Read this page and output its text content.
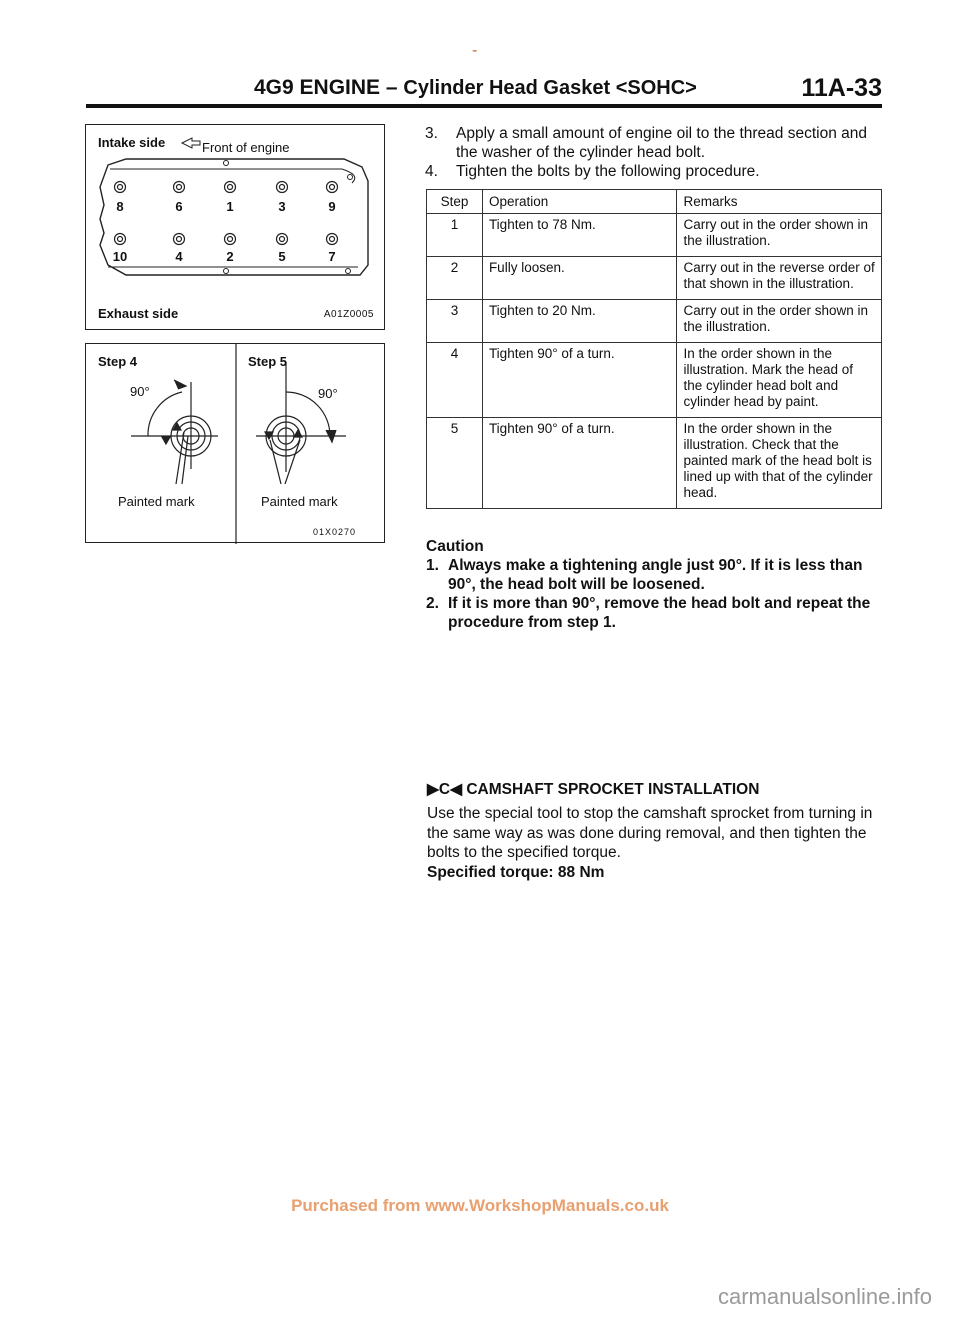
-
4G9 ENGINE – Cylinder Head Gasket <SOHC>	11A-33
Intake side	Front of engine
8	6	1	3	9
10	4	2	5	7
Exhaust side	A01Z0005
Step 4	Step 5
90°	90°
Painted mark	Painted mark
01X0270
3. Apply a small amount of engine oil to the thread section and the washer of the cylinder head bolt.
4. Tighten the bolts by the following procedure.
Step	Operation	Remarks
1	Tighten to 78 Nm.	Carry out in the order shown in the illustration.
2	Fully loosen.	Carry out in the reverse order of that shown in the illustration.
3	Tighten to 20 Nm.	Carry out in the order shown in the illustration.
4	Tighten 90° of a turn.	In the order shown in the illustration. Mark the head of the cylinder head bolt and cylinder head by paint.
5	Tighten 90° of a turn.	In the order shown in the illustration. Check that the painted mark of the head bolt is lined up with that of the cylinder head.
Caution
1. Always make a tightening angle just 90°. If it is less than 90°, the head bolt will be loosened.
2. If it is more than 90°, remove the head bolt and repeat the procedure from step 1.
▶C◀ CAMSHAFT SPROCKET INSTALLATION
Use the special tool to stop the camshaft sprocket from turning in the same way as was done during removal, and then tighten the bolts to the specified torque.
Specified torque: 88 Nm
Purchased from www.WorkshopManuals.co.uk
carmanualsonline.info
